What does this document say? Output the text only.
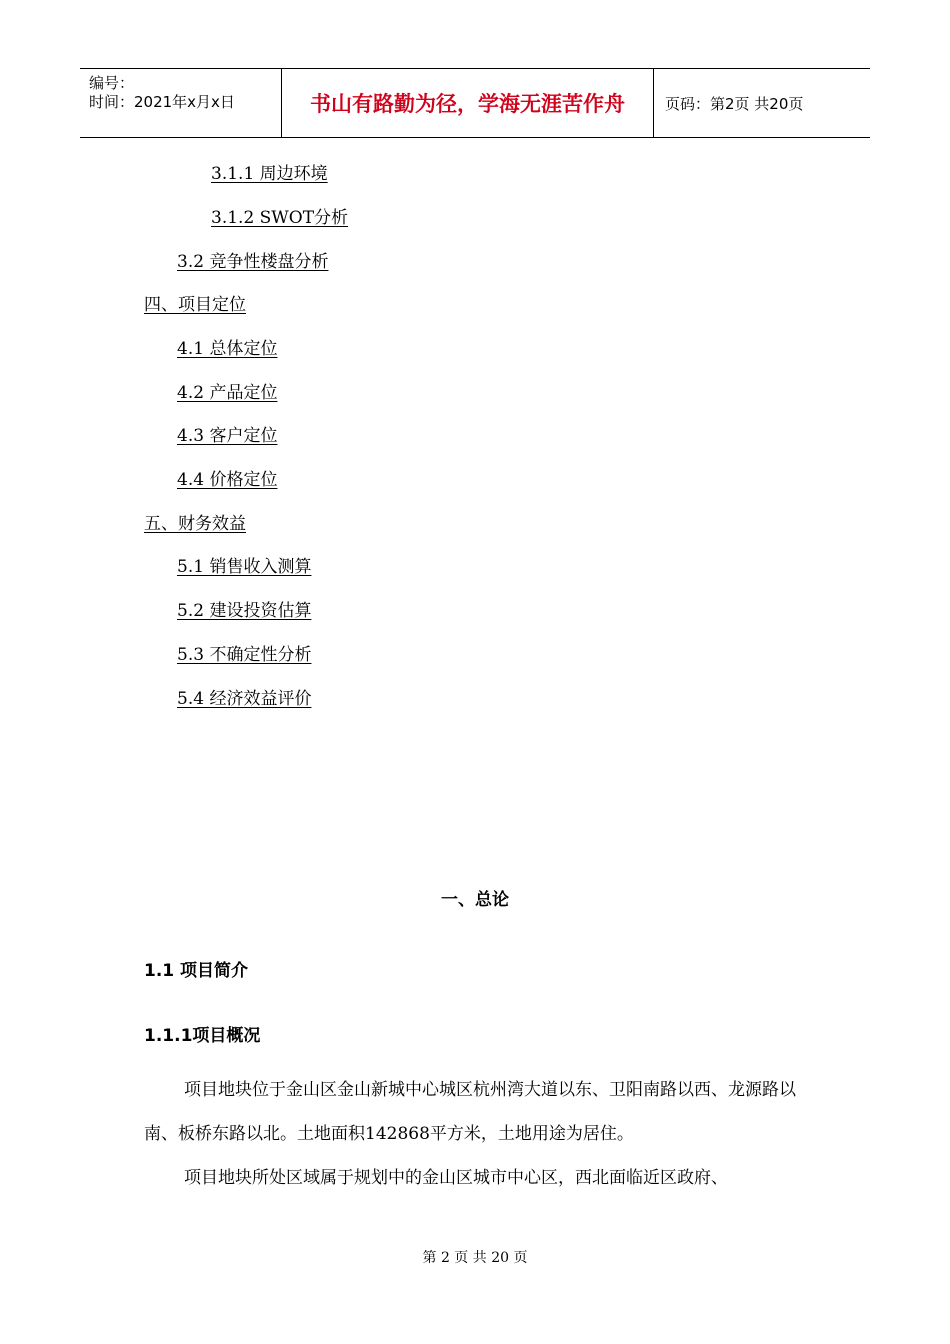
编号：
时间：2021年x月x日	书山有路勤为径，学海无涯苦作舟	页码：第2页 共20页
3.1.1 周边环境
3.1.2 SWOT分析
3.2 竞争性楼盘分析
四、项目定位
4.1 总体定位
4.2 产品定位
4.3 客户定位
4.4 价格定位
五、财务效益
5.1 销售收入测算
5.2 建设投资估算
5.3 不确定性分析
5.4 经济效益评价
一、总论
1.1 项目简介
1.1.1项目概况
项目地块位于金山区金山新城中心城区杭州湾大道以东、卫阳南路以西、龙源路以南、板桥东路以北。土地面积142868平方米，土地用途为居住。
项目地块所处区域属于规划中的金山区城市中心区，西北面临近区政府、
第 2 页 共 20 页
